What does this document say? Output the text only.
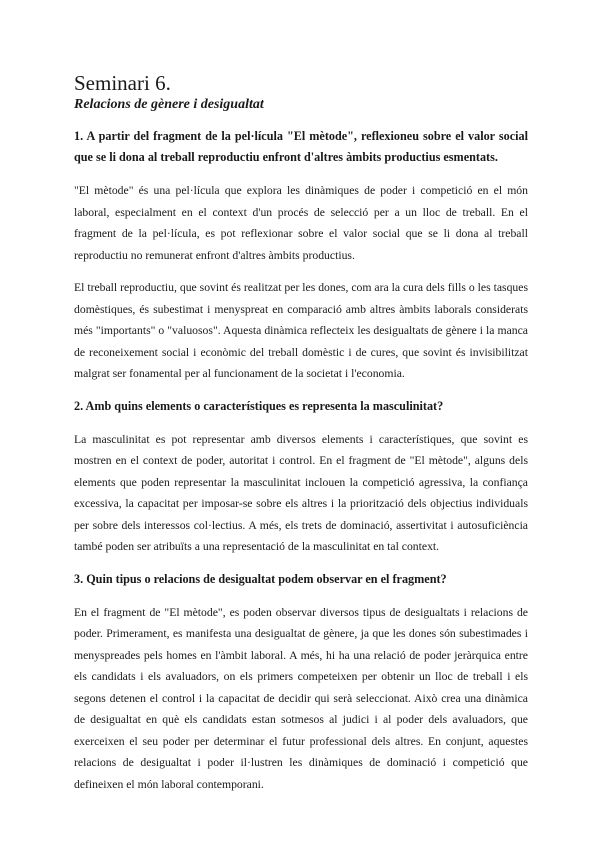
Seminari 6.
Relacions de gènere i desigualtat

1. A partir del fragment de la pel·lícula "El mètode", reflexioneu sobre el valor social que se li dona al treball reproductiu enfront d'altres àmbits productius esmentats.

"El mètode" és una pel·lícula que explora les dinàmiques de poder i competició en el món laboral, especialment en el context d'un procés de selecció per a un lloc de treball. En el fragment de la pel·lícula, es pot reflexionar sobre el valor social que se li dona al treball reproductiu no remunerat enfront d'altres àmbits productius.

El treball reproductiu, que sovint és realitzat per les dones, com ara la cura dels fills o les tasques domèstiques, és subestimat i menyspreat en comparació amb altres àmbits laborals considerats més "importants" o "valuosos". Aquesta dinàmica reflecteix les desigualtats de gènere i la manca de reconeixement social i econòmic del treball domèstic i de cures, que sovint és invisibilitzat malgrat ser fonamental per al funcionament de la societat i l'economia.

2. Amb quins elements o característiques es representa la masculinitat?

La masculinitat es pot representar amb diversos elements i característiques, que sovint es mostren en el context de poder, autoritat i control. En el fragment de "El mètode", alguns dels elements que poden representar la masculinitat inclouen la competició agressiva, la confiança excessiva, la capacitat per imposar-se sobre els altres i la priorització dels objectius individuals per sobre dels interessos col·lectius. A més, els trets de dominació, assertivitat i autosuficiència també poden ser atribuïts a una representació de la masculinitat en tal context.

3. Quin tipus o relacions de desigualtat podem observar en el fragment?

En el fragment de "El mètode", es poden observar diversos tipus de desigualtats i relacions de poder. Primerament, es manifesta una desigualtat de gènere, ja que les dones són subestimades i menyspreades pels homes en l'àmbit laboral. A més, hi ha una relació de poder jeràrquica entre els candidats i els avaluadors, on els primers competeixen per obtenir un lloc de treball i els segons detenen el control i la capacitat de decidir qui serà seleccionat. Això crea una dinàmica de desigualtat en què els candidats estan sotmesos al judici i al poder dels avaluadors, que exerceixen el seu poder per determinar el futur professional dels altres. En conjunt, aquestes relacions de desigualtat i poder il·lustren les dinàmiques de dominació i competició que defineixen el món laboral contemporani.
